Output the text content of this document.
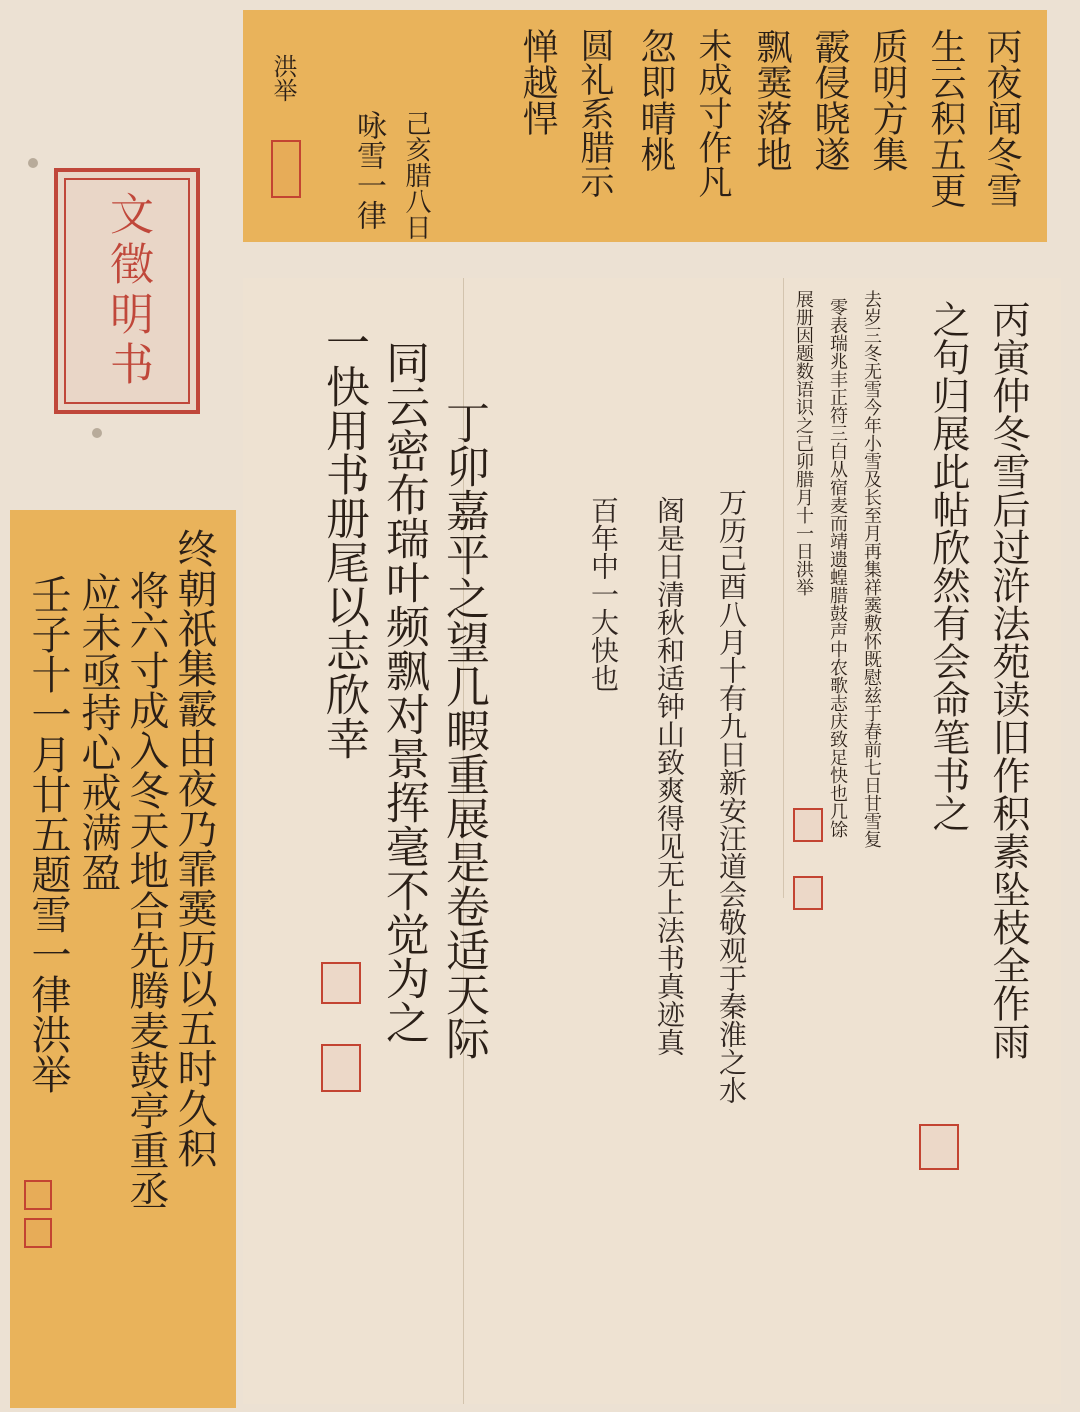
文徵明书
丙夜闻冬雪
生云积五更
质明方集
霰侵晓遂
飘霙落地
未成寸作凡
忽即晴桃
圆礼系腊示
惮越悍
己亥腊八日
咏雪一律
洪举
丙寅仲冬雪后过浒法苑读旧作积素坠枝全作雨
之句归展此帖欣然有会命笔书之
去岁三冬无雪今年小雪及长至月再集祥霙敷怀既慰兹于春前七日甘雪复
零表瑞兆丰正符三白从宿麦而靖遗蝗腊鼓声中农歌志庆致足快也几馀
展册因题数语识之己卯腊月十一日洪举
万历己酉八月十有九日新安汪道会敬观于秦淮之水
阁是日清秋和适钟山致爽得见无上法书真迹真
百年中一大快也
丁卯嘉平之望几暇重展是卷适天际
同云密布瑞叶频飘对景挥毫不觉为之
一快用书册尾以志欣幸
终朝祇集霰由夜乃霏霙历以五时久积
将六寸成入冬天地合先腾麦鼓亭重丞
应未亟持心戒满盈
壬子十一月廿五题雪一律洪举
